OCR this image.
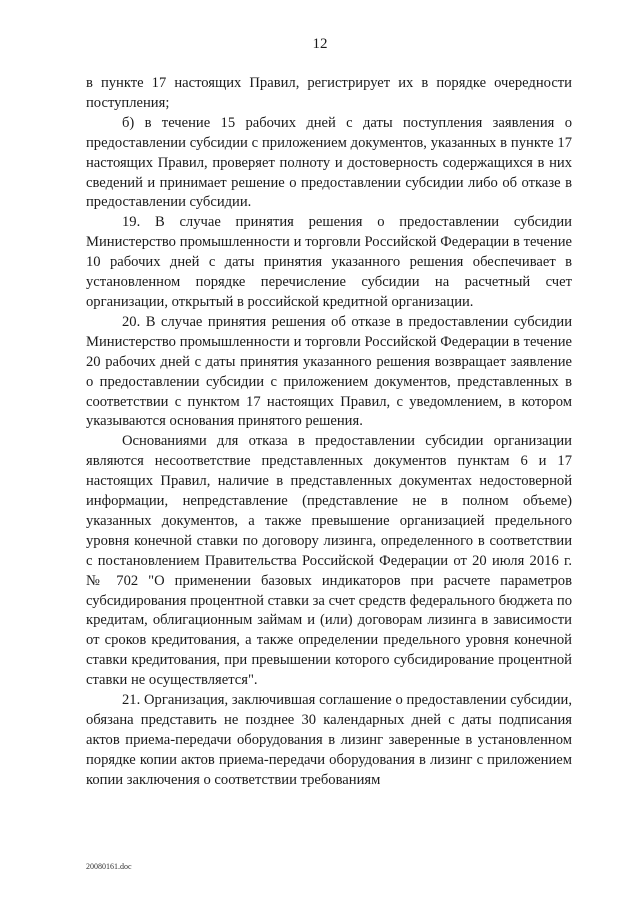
12

в пункте 17 настоящих Правил, регистрирует их в порядке очередности поступления;

б) в течение 15 рабочих дней с даты поступления заявления о предоставлении субсидии с приложением документов, указанных в пункте 17 настоящих Правил, проверяет полноту и достоверность содержащихся в них сведений и принимает решение о предоставлении субсидии либо об отказе в предоставлении субсидии.

19. В случае принятия решения о предоставлении субсидии Министерство промышленности и торговли Российской Федерации в течение 10 рабочих дней с даты принятия указанного решения обеспечивает в установленном порядке перечисление субсидии на расчетный счет организации, открытый в российской кредитной организации.

20. В случае принятия решения об отказе в предоставлении субсидии Министерство промышленности и торговли Российской Федерации в течение 20 рабочих дней с даты принятия указанного решения возвращает заявление о предоставлении субсидии с приложением документов, представленных в соответствии с пунктом 17 настоящих Правил, с уведомлением, в котором указываются основания принятого решения.

Основаниями для отказа в предоставлении субсидии организации являются несоответствие представленных документов пунктам 6 и 17 настоящих Правил, наличие в представленных документах недостоверной информации, непредставление (представление не в полном объеме) указанных документов, а также превышение организацией предельного уровня конечной ставки по договору лизинга, определенного в соответствии с постановлением Правительства Российской Федерации от 20 июля 2016 г. № 702 "О применении базовых индикаторов при расчете параметров субсидирования процентной ставки за счет средств федерального бюджета по кредитам, облигационным займам и (или) договорам лизинга в зависимости от сроков кредитования, а также определении предельного уровня конечной ставки кредитования, при превышении которого субсидирование процентной ставки не осуществляется".

21. Организация, заключившая соглашение о предоставлении субсидии, обязана представить не позднее 30 календарных дней с даты подписания актов приема-передачи оборудования в лизинг заверенные в установленном порядке копии актов приема-передачи оборудования в лизинг с приложением копии заключения о соответствии требованиям

20080161.doc
